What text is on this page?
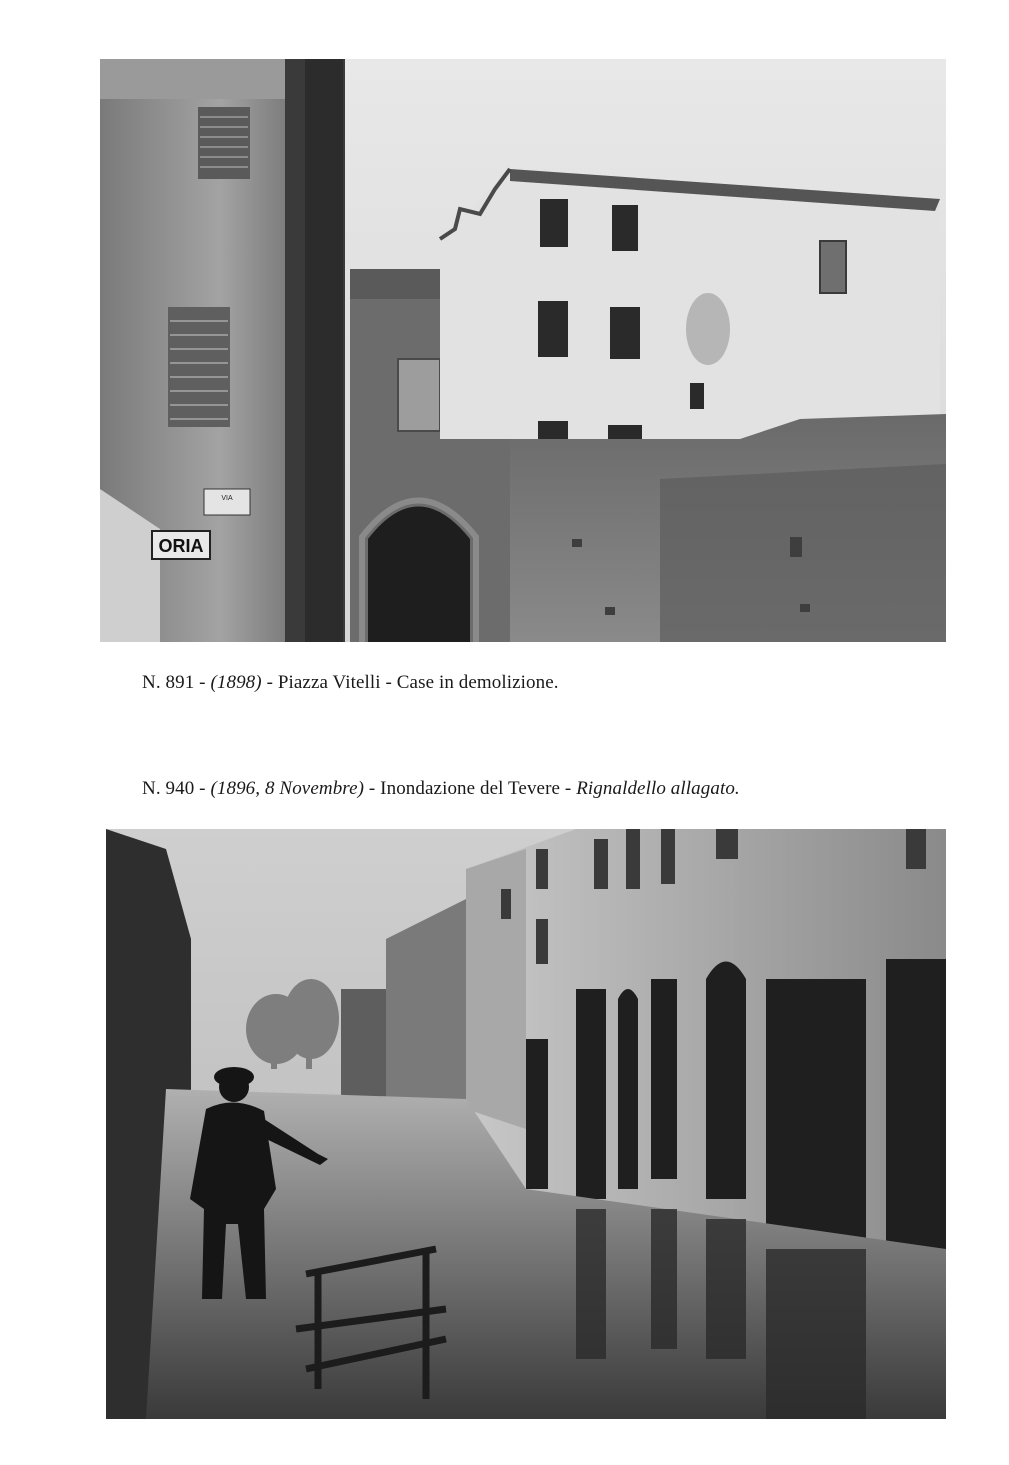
VIA
ORIA
N. 891 - (1898) - Piazza Vitelli - Case in demolizione.
N. 940 - (1896, 8 Novembre) - Inondazione del Tevere - Rignaldello allagato.
